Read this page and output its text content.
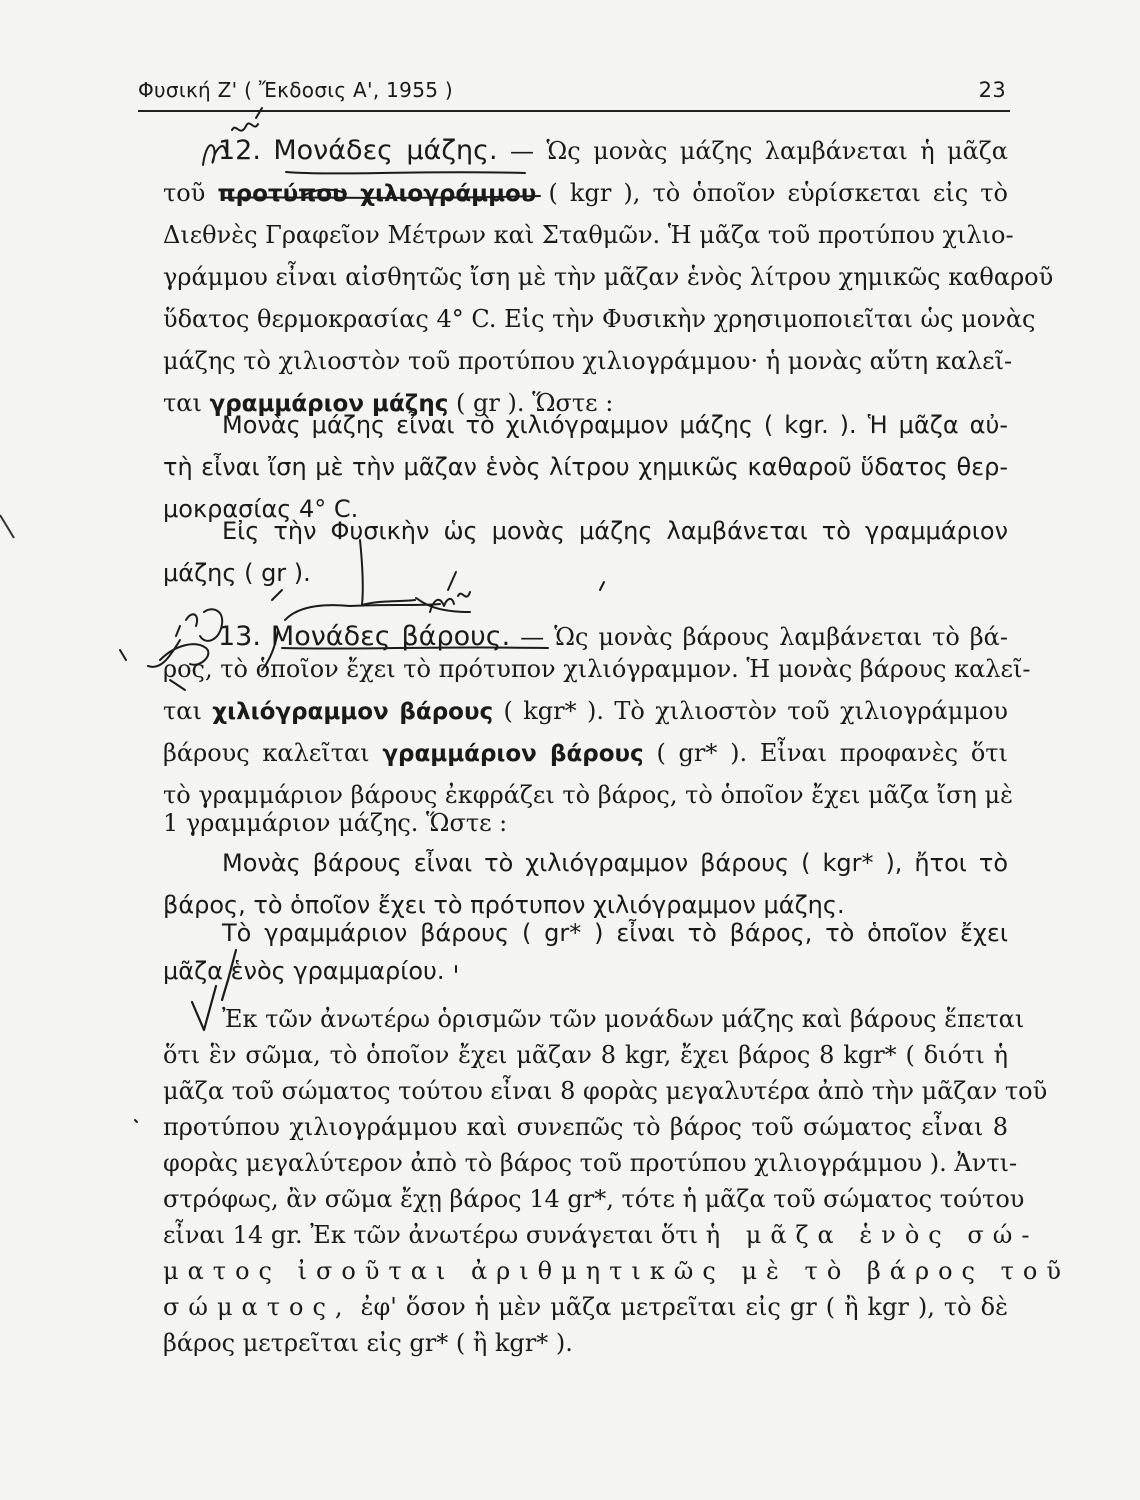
Φυσική Ζ' ( Ἔκδοσις Α', 1955 )	23
12. Μονάδες μάζης. — Ὡς μονὰς μάζης λαμβάνεται ἡ μᾶζα
τοῦ προτύπου χιλιογράμμου ( kgr ), τὸ ὁποῖον εὑρίσκεται εἰς τὸ
Διεθνὲς Γραφεῖον Μέτρων καὶ Σταθμῶν. Ἡ μᾶζα τοῦ προτύπου χιλιο-
γράμμου εἶναι αἰσθητῶς ἴση μὲ τὴν μᾶζαν ἑνὸς λίτρου χημικῶς καθαροῦ
ὕδατος θερμοκρασίας 4° C. Εἰς τὴν Φυσικὴν χρησιμοποιεῖται ὡς μονὰς
μάζης τὸ χιλιοστὸν τοῦ προτύπου χιλιογράμμου· ἡ μονὰς αὕτη καλεῖ-
ται γραμμάριον μάζης ( gr ). Ὥστε :
Μονὰς μάζης εἶναι τὸ χιλιόγραμμον μάζης ( kgr. ). Ἡ μᾶζα αὐ-
τὴ εἶναι ἴση μὲ τὴν μᾶζαν ἑνὸς λίτρου χημικῶς καθαροῦ ὕδατος θερ-
μοκρασίας 4° C.
Εἰς τὴν Φυσικὴν ὡς μονὰς μάζης λαμβάνεται τὸ γραμμάριον
μάζης ( gr ).
13. Μονάδες βάρους. — Ὡς μονὰς βάρους λαμβάνεται τὸ βά-
ρος, τὸ ὁποῖον ἔχει τὸ πρότυπον χιλιόγραμμον. Ἡ μονὰς βάρους καλεῖ-
ται χιλιόγραμμον βάρους ( kgr* ). Τὸ χιλιοστὸν τοῦ χιλιογράμμου
βάρους καλεῖται γραμμάριον βάρους ( gr* ). Εἶναι προφανὲς ὅτι
τὸ γραμμάριον βάρους ἐκφράζει τὸ βάρος, τὸ ὁποῖον ἔχει μᾶζα ἴση μὲ
1 γραμμάριον μάζης. Ὥστε :
Μονὰς βάρους εἶναι τὸ χιλιόγραμμον βάρους ( kgr* ), ἤτοι τὸ
βάρος, τὸ ὁποῖον ἔχει τὸ πρότυπον χιλιόγραμμον μάζης.
Τὸ γραμμάριον βάρους ( gr* ) εἶναι τὸ βάρος, τὸ ὁποῖον ἔχει
μᾶζα ἑνὸς γραμμαρίου.
Ἐκ τῶν ἀνωτέρω ὁρισμῶν τῶν μονάδων μάζης καὶ βάρους ἕπεται
ὅτι ἓν σῶμα, τὸ ὁποῖον ἔχει μᾶζαν 8 kgr, ἔχει βάρος 8 kgr* ( διότι ἡ
μᾶζα τοῦ σώματος τούτου εἶναι 8 φορὰς μεγαλυτέρα ἀπὸ τὴν μᾶζαν τοῦ
προτύπου χιλιογράμμου καὶ συνεπῶς τὸ βάρος τοῦ σώματος εἶναι 8
φορὰς μεγαλύτερον ἀπὸ τὸ βάρος τοῦ προτύπου χιλιογράμμου ). Ἀντι-
στρόφως, ἂν σῶμα ἔχῃ βάρος 14 gr*, τότε ἡ μᾶζα τοῦ σώματος τούτου
εἶναι 14 gr. Ἐκ τῶν ἀνωτέρω συνάγεται ὅτι ἡ μᾶζα ἑνὸς σώ-
ματος ἰσοῦται ἀριθμητικῶς μὲ τὸ βάρος τοῦ
σώματος, ἐφ' ὅσον ἡ μὲν μᾶζα μετρεῖται εἰς gr ( ἢ kgr ), τὸ δὲ
βάρος μετρεῖται εἰς gr* ( ἢ kgr* ).
